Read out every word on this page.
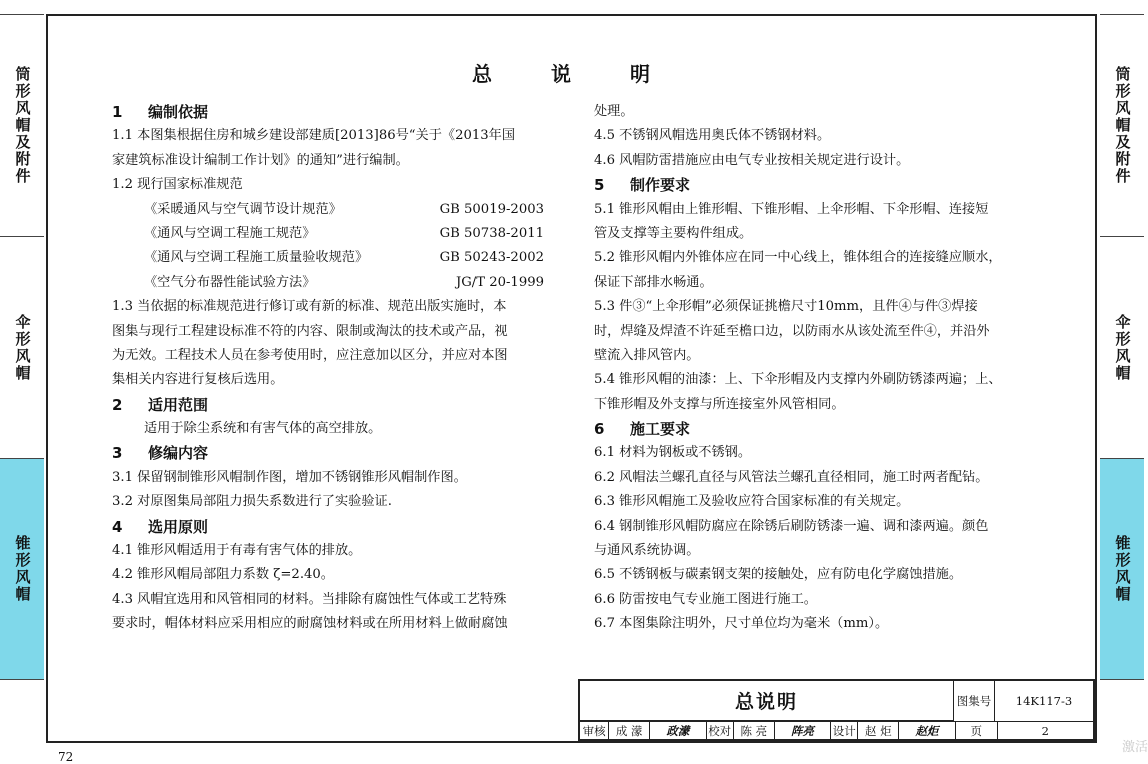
筒形风帽及附件
伞形风帽
锥形风帽
筒形风帽及附件
伞形风帽
锥形风帽
总 说 明
1 编制依据
1.1 本图集根据住房和城乡建设部建质[2013]86号“关于《2013年国
家建筑标准设计编制工作计划》的通知”进行编制。
1.2 现行国家标准规范
《采暖通风与空气调节设计规范》	GB 50019-2003
《通风与空调工程施工规范》	GB 50738-2011
《通风与空调工程施工质量验收规范》	GB 50243-2002
《空气分布器性能试验方法》	JG/T 20-1999
1.3 当依据的标准规范进行修订或有新的标准、规范出版实施时，本
图集与现行工程建设标准不符的内容、限制或淘汰的技术或产品，视
为无效。工程技术人员在参考使用时，应注意加以区分，并应对本图
集相关内容进行复核后选用。
2 适用范围
适用于除尘系统和有害气体的高空排放。
3 修编内容
3.1 保留钢制锥形风帽制作图，增加不锈钢锥形风帽制作图。
3.2 对原图集局部阻力损失系数进行了实验验证.
4 选用原则
4.1 锥形风帽适用于有毒有害气体的排放。
4.2 锥形风帽局部阻力系数 ζ=2.40。
4.3 风帽宜选用和风管相同的材料。当排除有腐蚀性气体或工艺特殊
要求时，帽体材料应采用相应的耐腐蚀材料或在所用材料上做耐腐蚀
处理。
4.5 不锈钢风帽选用奥氏体不锈钢材料。
4.6 风帽防雷措施应由电气专业按相关规定进行设计。
5 制作要求
5.1 锥形风帽由上锥形帽、下锥形帽、上伞形帽、下伞形帽、连接短
管及支撑等主要构件组成。
5.2 锥形风帽内外锥体应在同一中心线上，锥体组合的连接缝应顺水，
保证下部排水畅通。
5.3 件③“上伞形帽”必须保证挑檐尺寸10mm，且件④与件③焊接
时，焊缝及焊渣不许延至檐口边，以防雨水从该处流至件④，并沿外
壁流入排风管内。
5.4 锥形风帽的油漆：上、下伞形帽及内支撑内外刷防锈漆两遍；上、
下锥形帽及外支撑与所连接室外风管相同。
6 施工要求
6.1 材料为钢板或不锈钢。
6.2 风帽法兰螺孔直径与风管法兰螺孔直径相同，施工时两者配钻。
6.3 锥形风帽施工及验收应符合国家标准的有关规定。
6.4 钢制锥形风帽防腐应在除锈后刷防锈漆一遍、调和漆两遍。颜色
与通风系统协调。
6.5 不锈钢板与碳素钢支架的接触处，应有防电化学腐蚀措施。
6.6 防雷按电气专业施工图进行施工。
6.7 本图集除注明外，尺寸单位均为毫米（mm）。
总说明	图集号	14K117-3
审核 成 濛	政濛	校对 陈 亮	阵亮	设计 赵 炬	赵炬	页	2
72
激活
